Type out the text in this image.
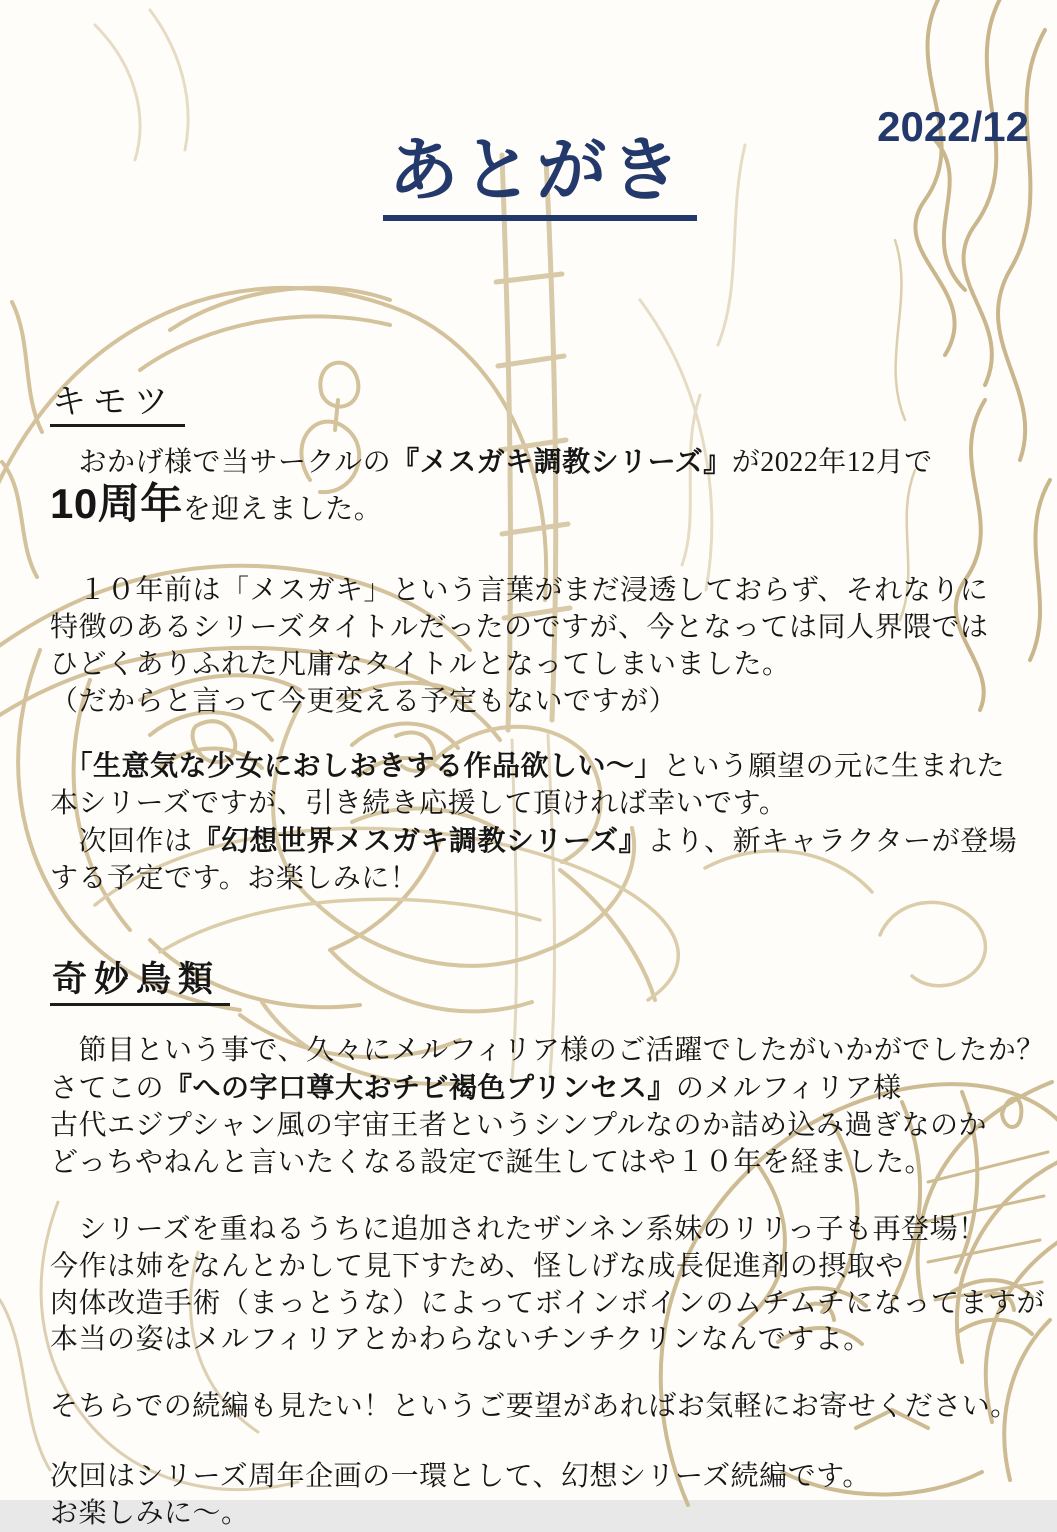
あとがき
2022/12
キモツ
　おかげ様で当サークルの『メスガキ調教シリーズ』が2022年12月で
10周年を迎えました。
　１０年前は「メスガキ」という言葉がまだ浸透しておらず、それなりに
特徴のあるシリーズタイトルだったのですが、今となっては同人界隈では
ひどくありふれた凡庸なタイトルとなってしまいました。
（だからと言って今更変える予定もないですが）
　「生意気な少女におしおきする作品欲しい～」という願望の元に生まれた
本シリーズですが、引き続き応援して頂ければ幸いです。
　次回作は『幻想世界メスガキ調教シリーズ』より、新キャラクターが登場
する予定です。お楽しみに！
奇妙鳥類
　節目という事で、久々にメルフィリア様のご活躍でしたがいかがでしたか？
さてこの『への字口尊大おチビ褐色プリンセス』のメルフィリア様
古代エジプシャン風の宇宙王者というシンプルなのか詰め込み過ぎなのか
どっちやねんと言いたくなる設定で誕生してはや１０年を経ました。
　シリーズを重ねるうちに追加されたザンネン系妹のリリっ子も再登場！
今作は姉をなんとかして見下すため、怪しげな成長促進剤の摂取や
肉体改造手術（まっとうな）によってボインボインのムチムチになってますが
本当の姿はメルフィリアとかわらないチンチクリンなんですよ。
そちらでの続編も見たい！というご要望があればお気軽にお寄せください。
次回はシリーズ周年企画の一環として、幻想シリーズ続編です。
お楽しみに～。
